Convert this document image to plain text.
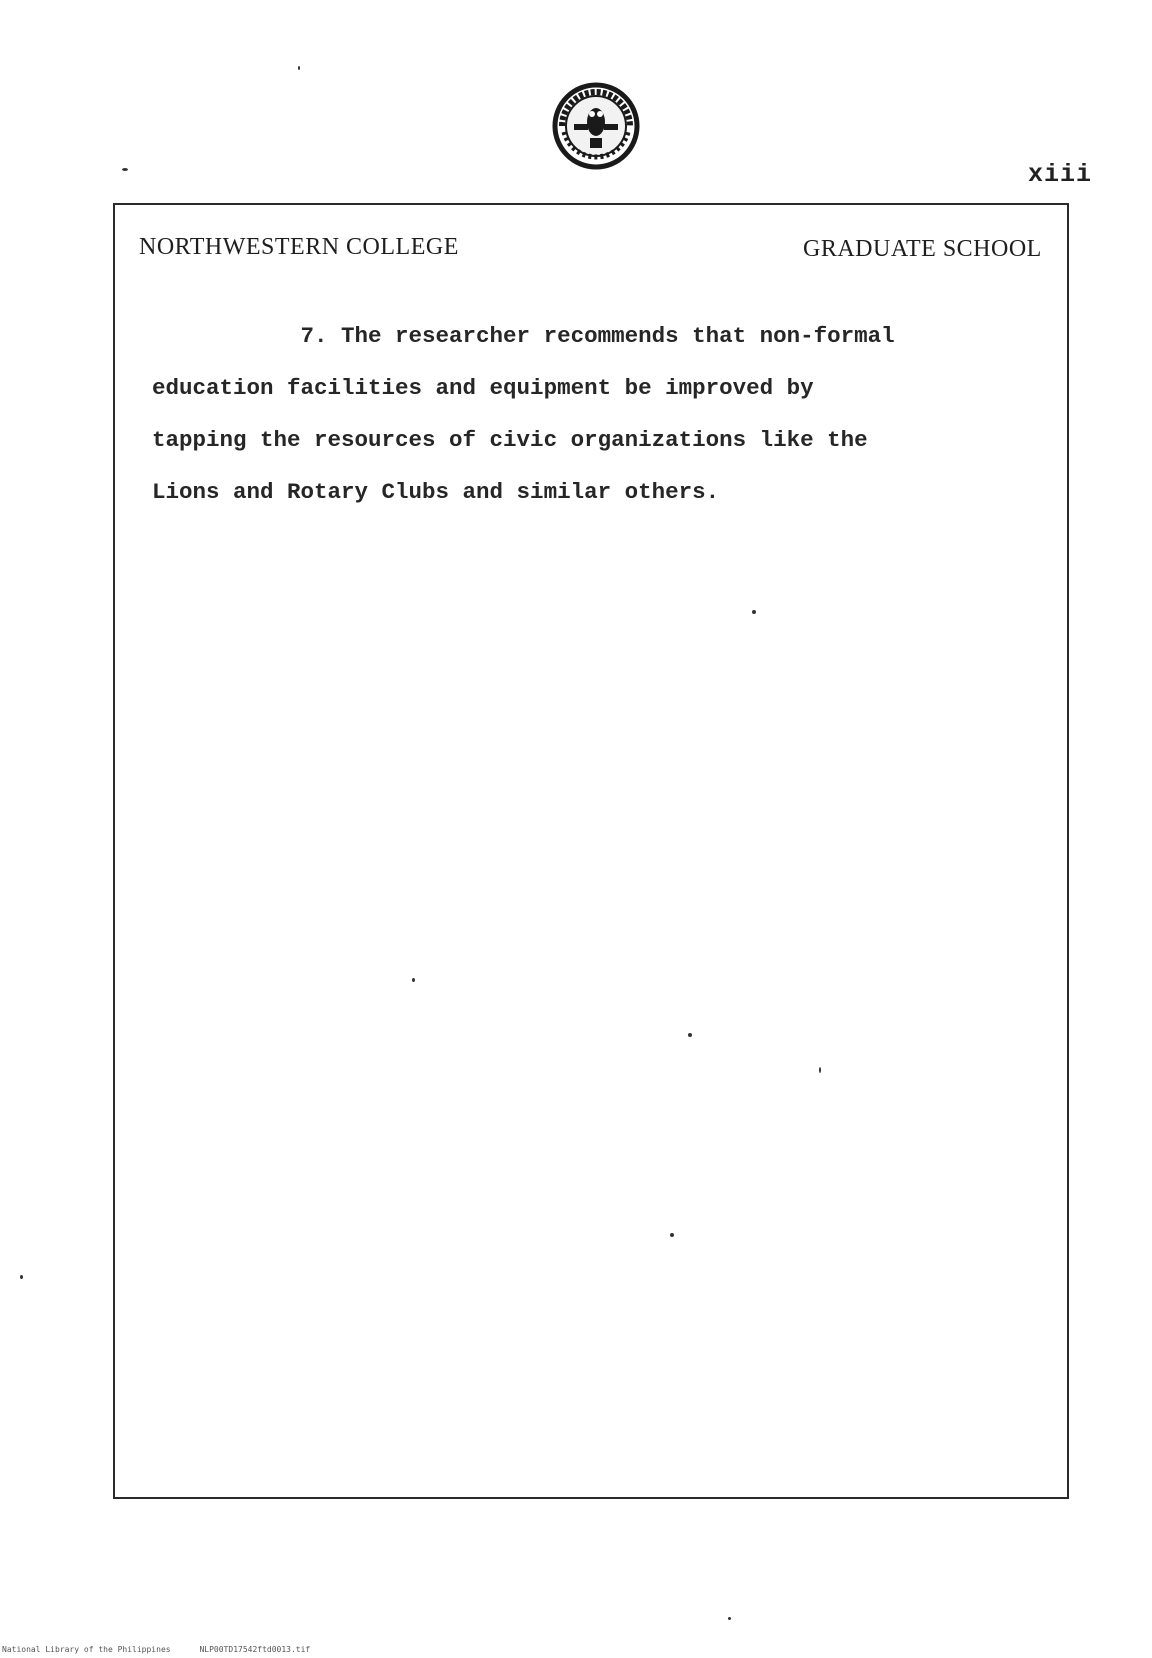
xiii
NORTHWESTERN COLLEGE	GRADUATE SCHOOL
7. The researcher recommends that non-formal
education facilities and equipment be improved by
tapping the resources of civic organizations like the
Lions and Rotary Clubs and similar others.
National Library of the Philippines      NLP00TD17542ftd0013.tif
